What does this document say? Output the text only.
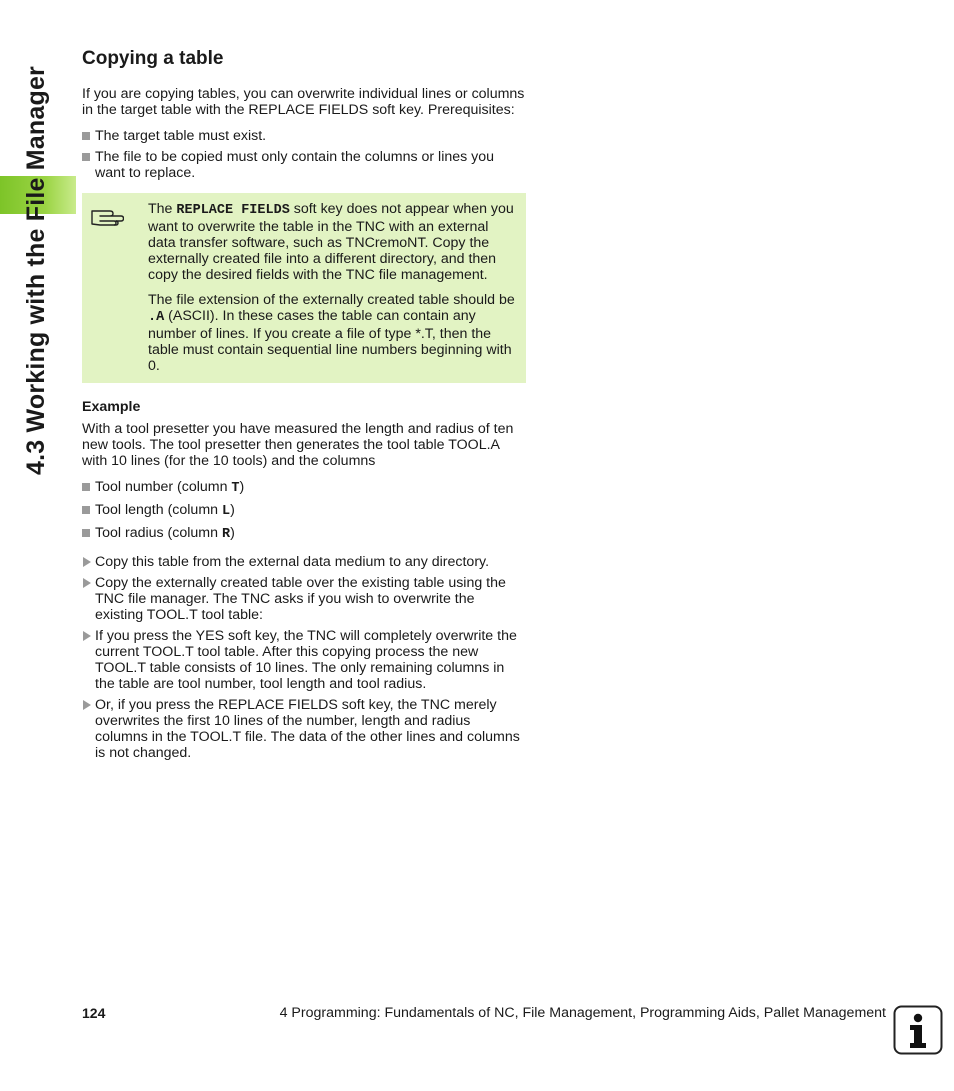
4.3 Working with the File Manager
Copying a table

If you are copying tables, you can overwrite individual lines or columns in the target table with the REPLACE FIELDS soft key. Prerequisites:

The target table must exist.
The file to be copied must only contain the columns or lines you want to replace.

The REPLACE FIELDS soft key does not appear when you want to overwrite the table in the TNC with an external data transfer software, such as TNCremoNT. Copy the externally created file into a different directory, and then copy the desired fields with the TNC file management.

The file extension of the externally created table should be .A (ASCII). In these cases the table can contain any number of lines. If you create a file of type *.T, then the table must contain sequential line numbers beginning with 0.

Example

With a tool presetter you have measured the length and radius of ten new tools. The tool presetter then generates the tool table TOOL.A with 10 lines (for the 10 tools) and the columns

Tool number (column T)
Tool length (column L)
Tool radius (column R)
Copy this table from the external data medium to any directory.
Copy the externally created table over the existing table using the TNC file manager. The TNC asks if you wish to overwrite the existing TOOL.T tool table:
If you press the YES soft key, the TNC will completely overwrite the current TOOL.T tool table. After this copying process the new TOOL.T table consists of 10 lines. The only remaining columns in the table are tool number, tool length and tool radius.
Or, if you press the REPLACE FIELDS soft key, the TNC merely overwrites the first 10 lines of the number, length and radius columns in the TOOL.T file. The data of the other lines and columns is not changed.
124	4 Programming: Fundamentals of NC, File Management, Programming Aids, Pallet Management
